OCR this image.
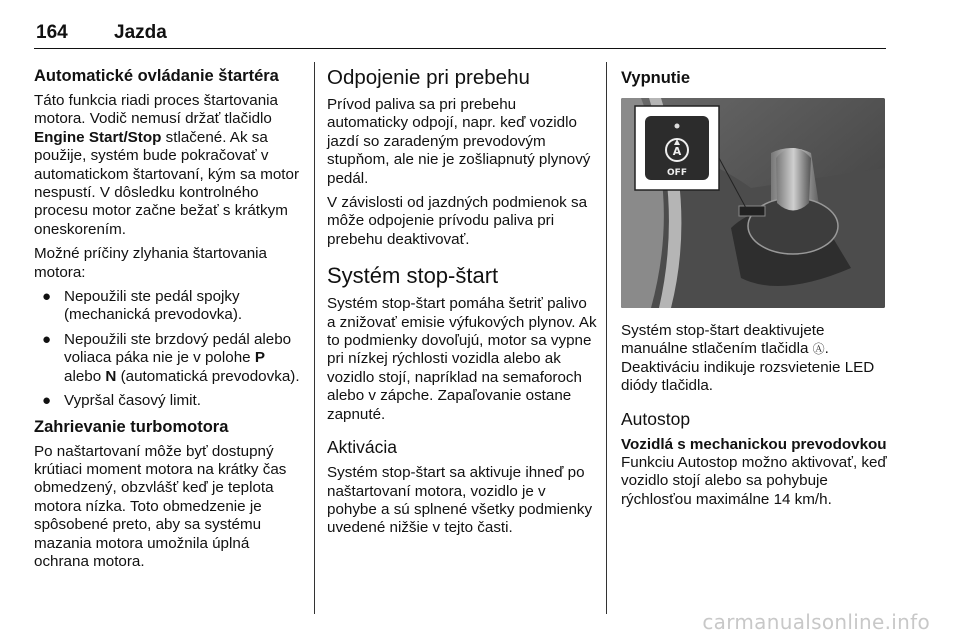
164 Jazda
Automatické ovládanie štartéra

Táto funkcia riadi proces štartovania motora. Vodič nemusí držať tlačidlo Engine Start/Stop stlačené. Ak sa použije, systém bude pokračovať v automatickom štartovaní, kým sa motor nespustí. V dôsledku kontrolného procesu motor začne bežať s krátkym oneskorením.

Možné príčiny zlyhania štartovania motora:

● Nepoužili ste pedál spojky (mechanická prevodovka).
● Nepoužili ste brzdový pedál alebo voliaca páka nie je v polohe P alebo N (automatická prevodovka).
● Vypršal časový limit.
Zahrievanie turbomotora

Po naštartovaní môže byť dostupný krútiaci moment motora na krátky čas obmedzený, obzvlášť keď je teplota motora nízka. Toto obmedzenie je spôsobené preto, aby sa systému mazania motora umožnila úplná ochrana motora.

Odpojenie pri prebehu

Prívod paliva sa pri prebehu automaticky odpojí, napr. keď vozidlo jazdí so zaradeným prevodovým stupňom, ale nie je zošliapnutý plynový pedál.

V závislosti od jazdných podmienok sa môže odpojenie prívodu paliva pri prebehu deaktivovať.

Systém stop-štart

Systém stop-štart pomáha šetriť palivo a znižovať emisie výfukových plynov. Ak to podmienky dovoľujú, motor sa vypne pri nízkej rýchlosti vozidla alebo ak vozidlo stojí, napríklad na semaforoch alebo v zápche. Zapaľovanie ostane zapnuté.

Aktivácia

Systém stop-štart sa aktivuje ihneď po naštartovaní motora, vozidlo je v pohybe a sú splnené všetky podmienky uvedené nižšie v tejto časti.

Vypnutie
A
OFF

Systém stop-štart deaktivujete manuálne stlačením tlačidla Ⓐ. Deaktiváciu indikuje rozsvietenie LED diódy tlačidla.

Autostop

Vozidlá s mechanickou prevodovkou

Funkciu Autostop možno aktivovať, keď vozidlo stojí alebo sa pohybuje rýchlosťou maximálne 14 km/h.

carmanualsonline.info
